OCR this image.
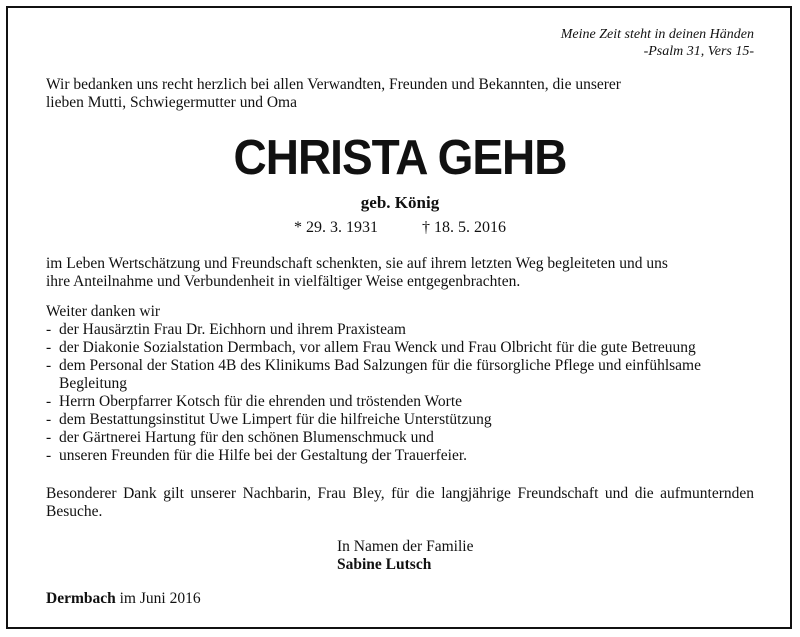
Meine Zeit steht in deinen Händen
-Psalm 31, Vers 15-
Wir bedanken uns recht herzlich bei allen Verwandten, Freunden und Bekannten, die unserer
lieben Mutti, Schwiegermutter und Oma
CHRISTA GEHB
geb. König
* 29. 3. 1931	† 18. 5. 2016
im Leben Wertschätzung und Freundschaft schenkten, sie auf ihrem letzten Weg begleiteten und uns
ihre Anteilnahme und Verbundenheit in vielfältiger Weise entgegenbrachten.
Weiter danken wir
- der Hausärztin Frau Dr. Eichhorn und ihrem Praxisteam
- der Diakonie Sozialstation Dermbach, vor allem Frau Wenck und Frau Olbricht für die gute Betreuung
- dem Personal der Station 4B des Klinikums Bad Salzungen für die fürsorgliche Pflege und einfühlsame Begleitung
- Herrn Oberpfarrer Kotsch für die ehrenden und tröstenden Worte
- dem Bestattungsinstitut Uwe Limpert für die hilfreiche Unterstützung
- der Gärtnerei Hartung für den schönen Blumenschmuck und
- unseren Freunden für die Hilfe bei der Gestaltung der Trauerfeier.
Besonderer Dank gilt unserer Nachbarin, Frau Bley, für die langjährige Freundschaft und die aufmunternden Besuche.
In Namen der Familie
Sabine Lutsch
Dermbach im Juni 2016
